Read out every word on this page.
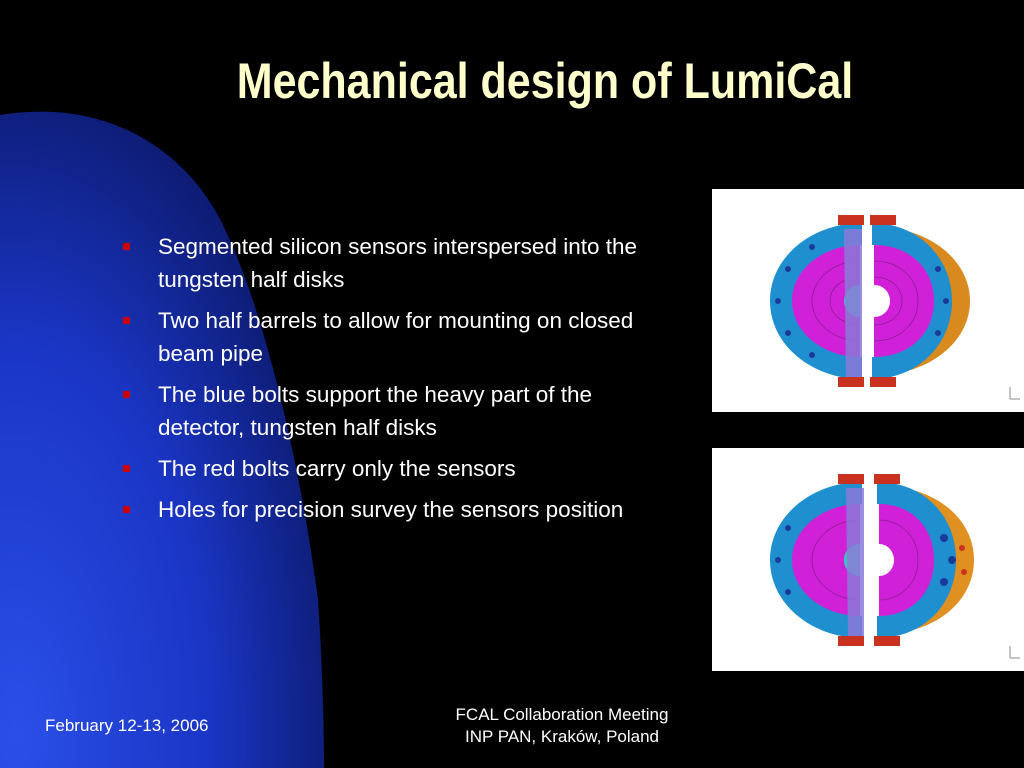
Mechanical design of LumiCal
Segmented silicon sensors interspersed into the tungsten half disks
Two half barrels to allow for mounting on closed beam pipe
The blue bolts support the heavy part of the detector, tungsten half disks
The red bolts carry only the sensors
Holes for precision survey the sensors position
February 12-13, 2006
FCAL Collaboration Meeting
INP PAN, Kraków, Poland
